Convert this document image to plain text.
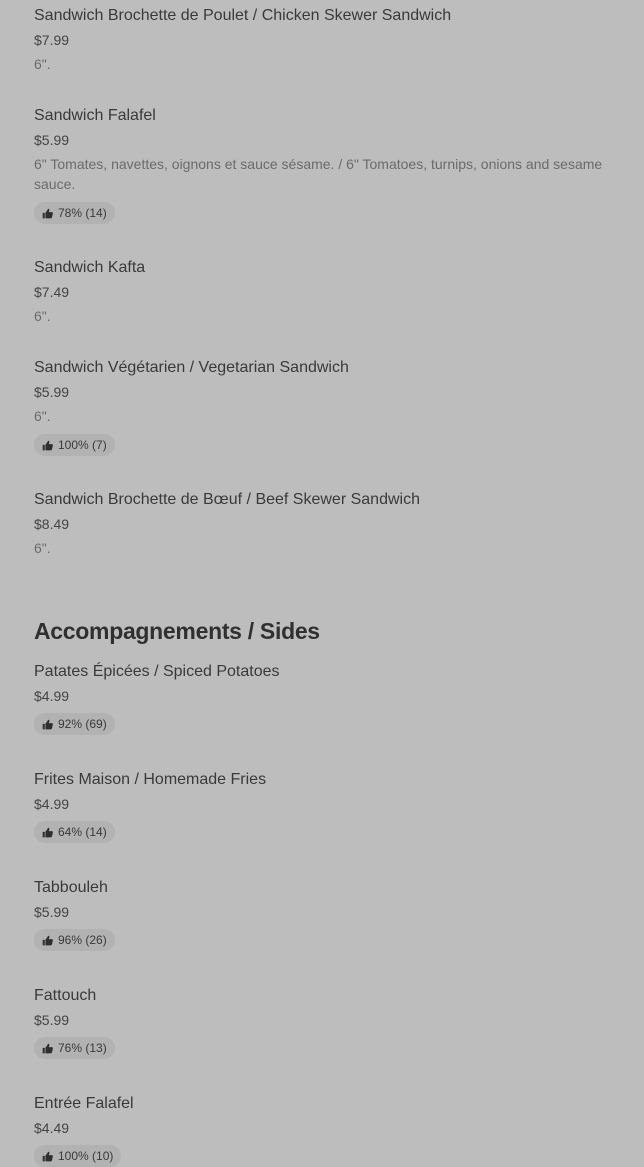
Sandwich Brochette de Poulet / Chicken Skewer Sandwich
$7.99
6".
Sandwich Falafel
$5.99
6" Tomates, navettes, oignons et sauce sésame. / 6" Tomatoes, turnips, onions and sesame sauce.
78% (14)
Sandwich Kafta
$7.49
6".
Sandwich Végétarien / Vegetarian Sandwich
$5.99
6".
100% (7)
Sandwich Brochette de Bœuf / Beef Skewer Sandwich
$8.49
6".
Accompagnements / Sides
Patates Épicées / Spiced Potatoes
$4.99
92% (69)
Frites Maison / Homemade Fries
$4.99
64% (14)
Tabbouleh
$5.99
96% (26)
Fattouch
$5.99
76% (13)
Entrée Falafel
$4.49
100% (10)
